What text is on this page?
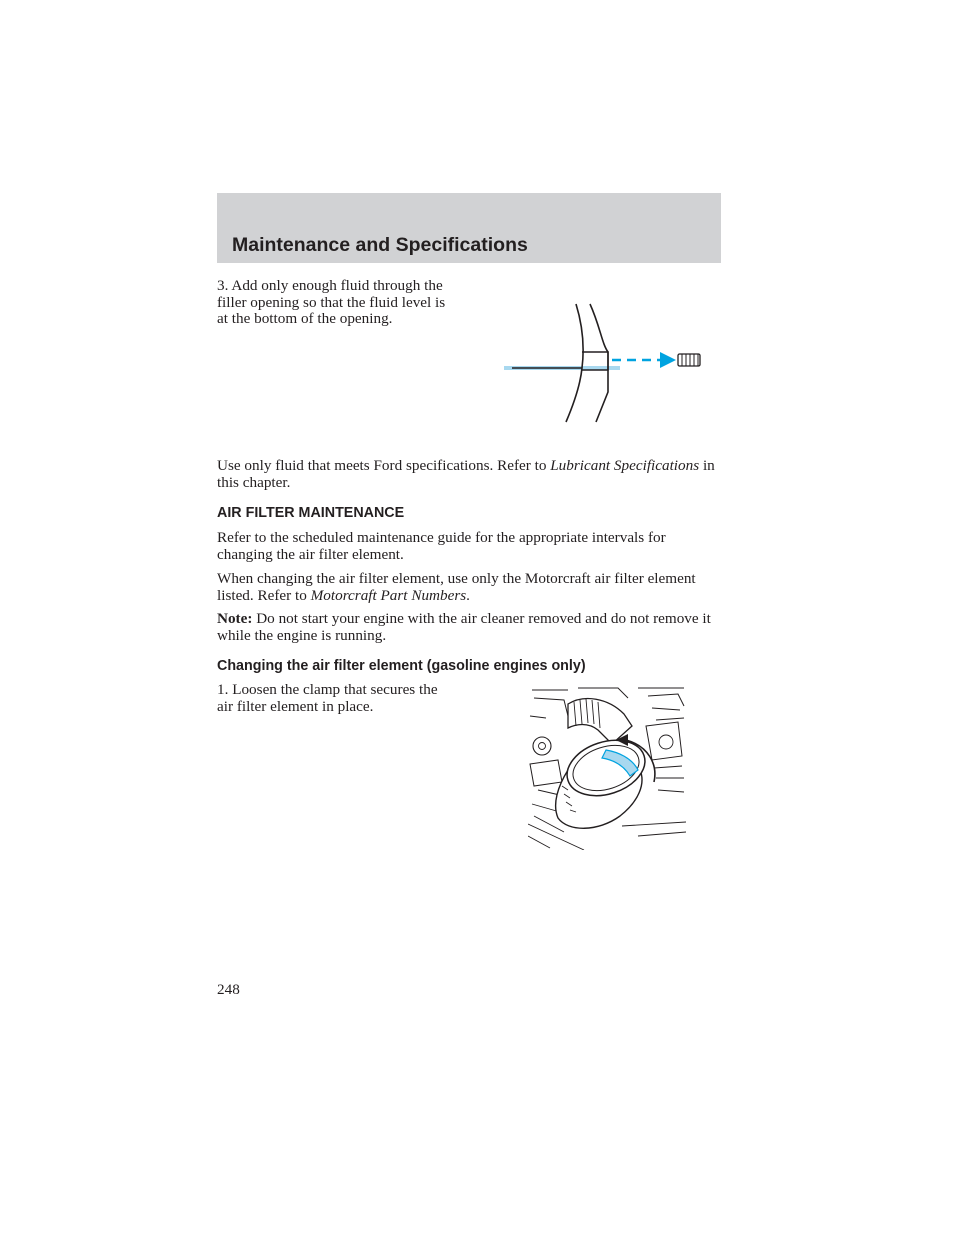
Maintenance and Specifications

3. Add only enough fluid through the filler opening so that the fluid level is at the bottom of the opening.

Use only fluid that meets Ford specifications. Refer to Lubricant Specifications in this chapter.

AIR FILTER MAINTENANCE

Refer to the scheduled maintenance guide for the appropriate intervals for changing the air filter element.

When changing the air filter element, use only the Motorcraft air filter element listed. Refer to Motorcraft Part Numbers.

Note: Do not start your engine with the air cleaner removed and do not remove it while the engine is running.

Changing the air filter element (gasoline engines only)

1. Loosen the clamp that secures the air filter element in place.

248
